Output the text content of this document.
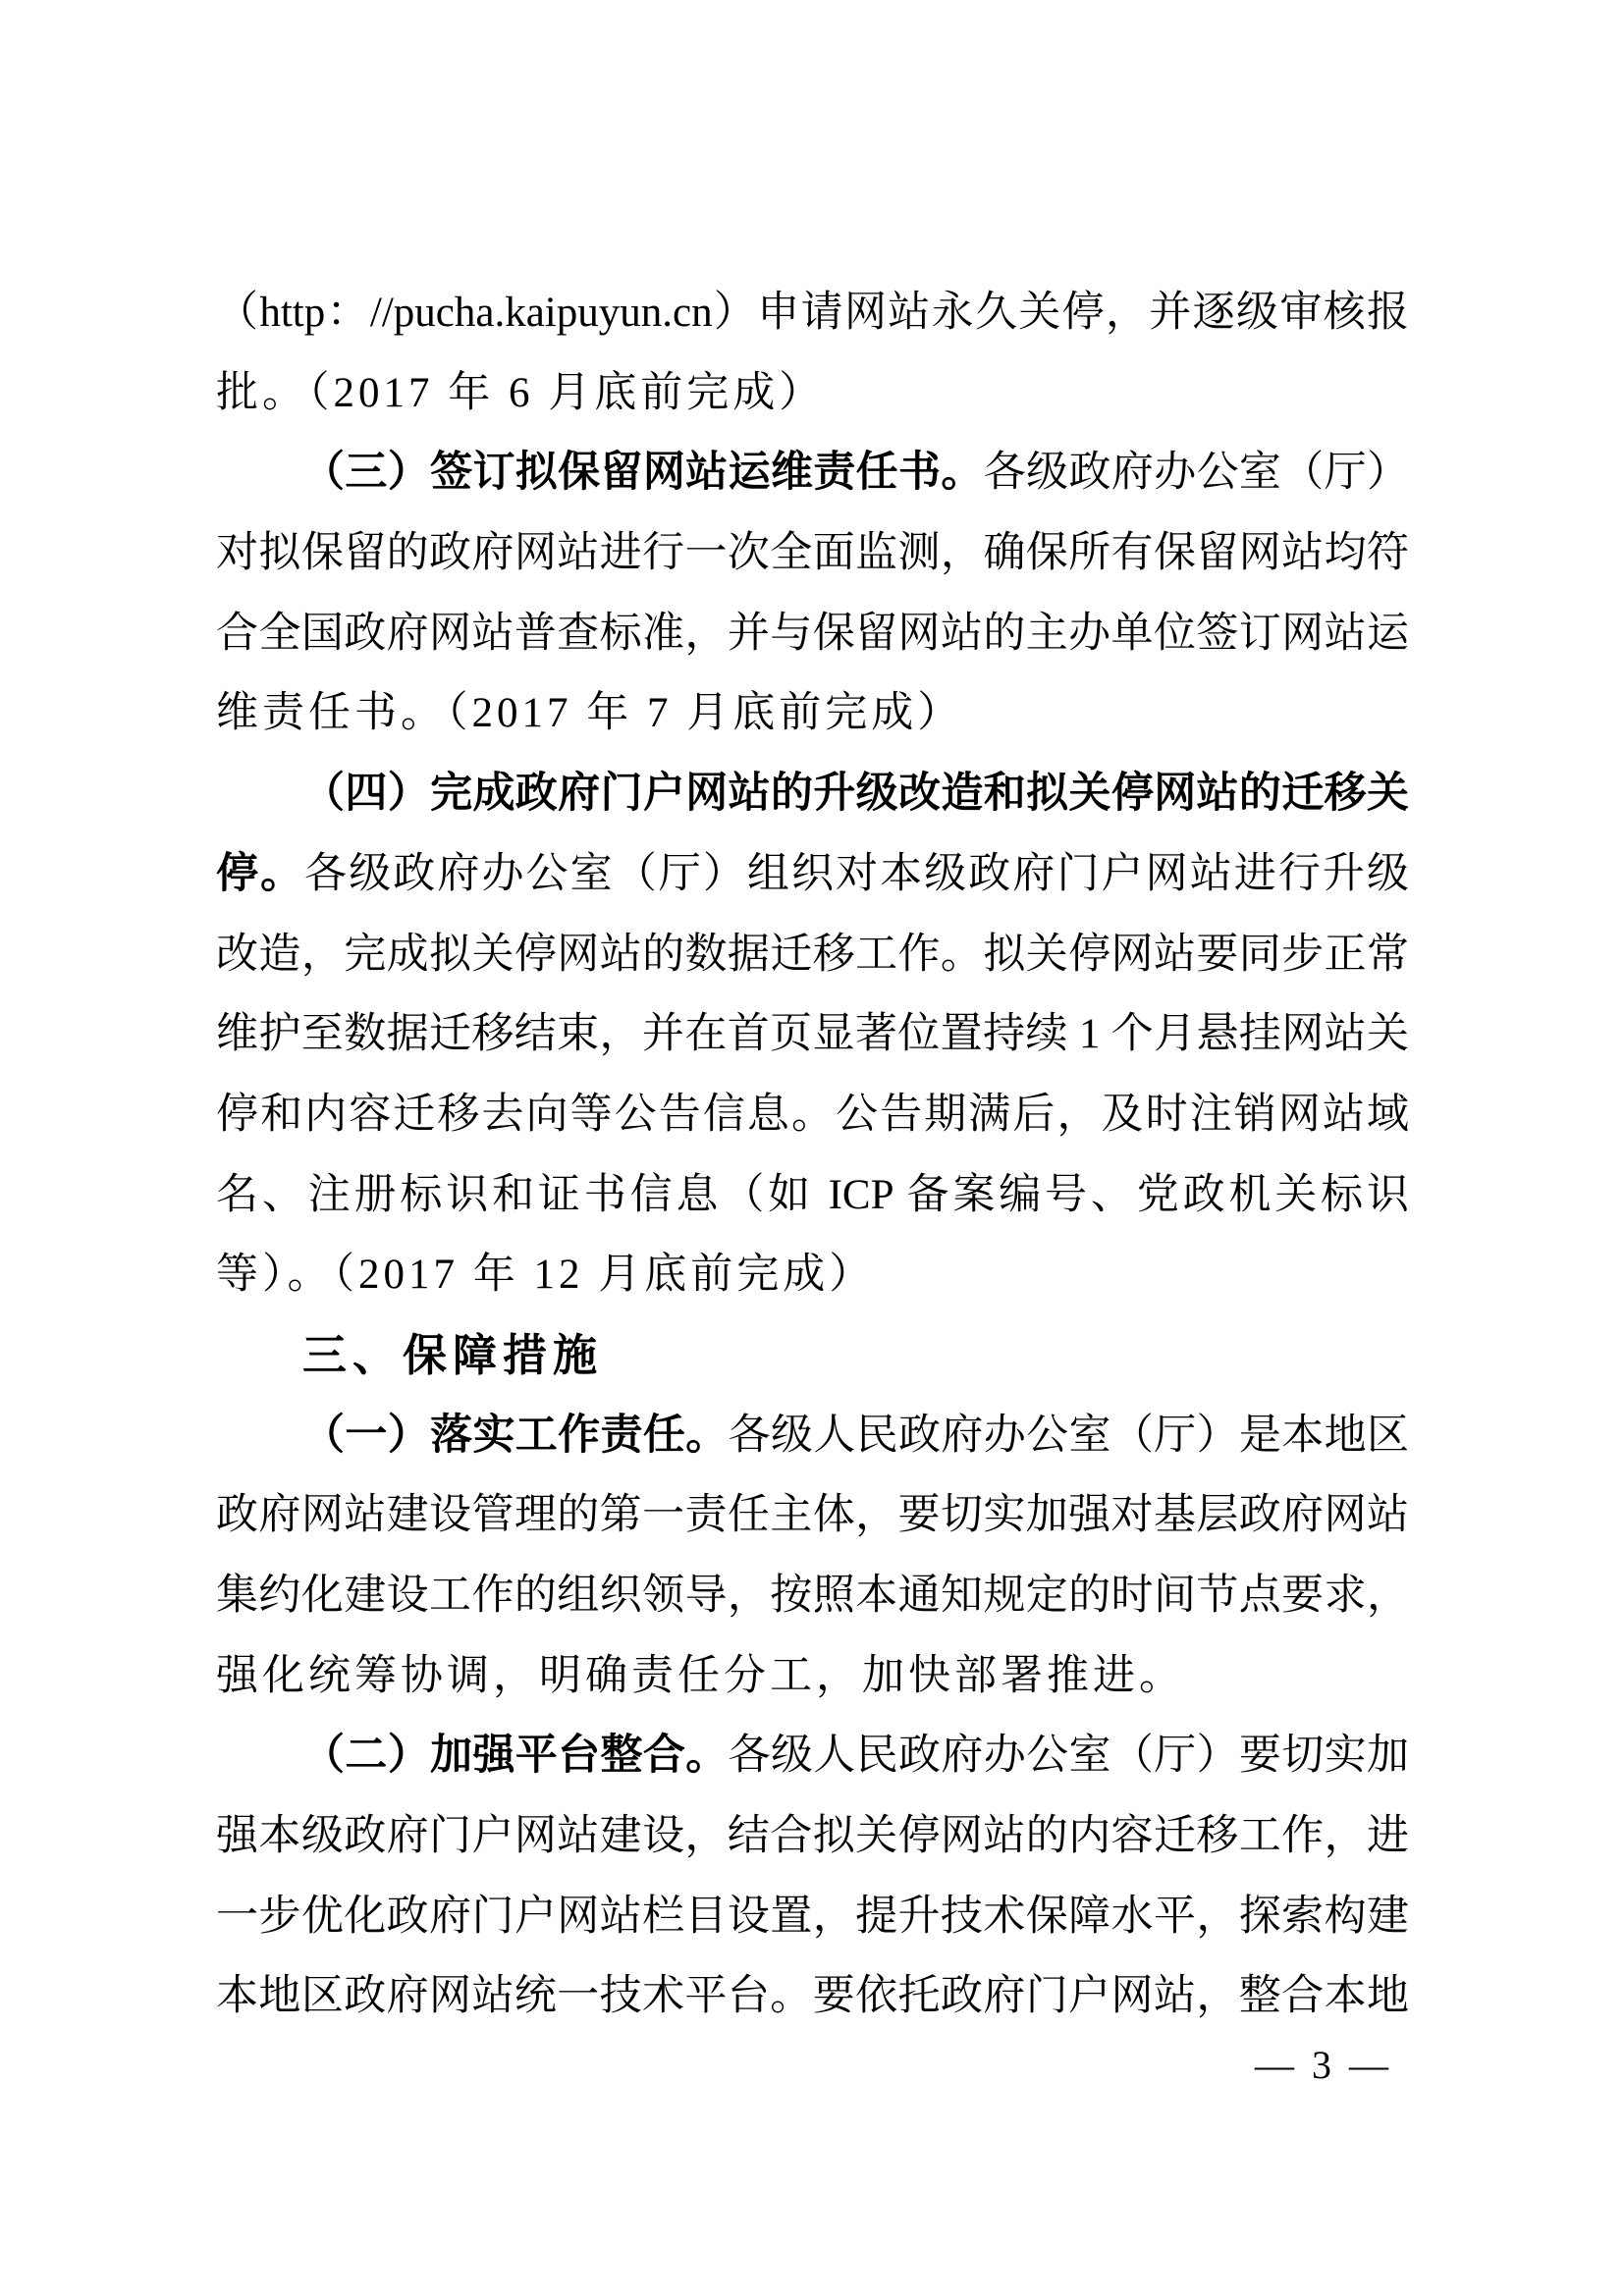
（http：//pucha.kaipuyun.cn）申请网站永久关停，并逐级审核报
批。（2017 年 6 月底前完成）
（三）签订拟保留网站运维责任书。各级政府办公室（厅）
对拟保留的政府网站进行一次全面监测，确保所有保留网站均符
合全国政府网站普查标准，并与保留网站的主办单位签订网站运
维责任书。（2017 年 7 月底前完成）
（四）完成政府门户网站的升级改造和拟关停网站的迁移关
停。各级政府办公室（厅）组织对本级政府门户网站进行升级
改造，完成拟关停网站的数据迁移工作。拟关停网站要同步正常
维护至数据迁移结束，并在首页显著位置持续 1 个月悬挂网站关
停和内容迁移去向等公告信息。公告期满后，及时注销网站域
名、注册标识和证书信息（如 ICP 备案编号、党政机关标识
等）。（2017 年 12 月底前完成）
三、保障措施
（一）落实工作责任。各级人民政府办公室（厅）是本地区
政府网站建设管理的第一责任主体，要切实加强对基层政府网站
集约化建设工作的组织领导，按照本通知规定的时间节点要求，
强化统筹协调，明确责任分工，加快部署推进。
（二）加强平台整合。各级人民政府办公室（厅）要切实加
强本级政府门户网站建设，结合拟关停网站的内容迁移工作，进
一步优化政府门户网站栏目设置，提升技术保障水平，探索构建
本地区政府网站统一技术平台。要依托政府门户网站，整合本地
— 3 —
